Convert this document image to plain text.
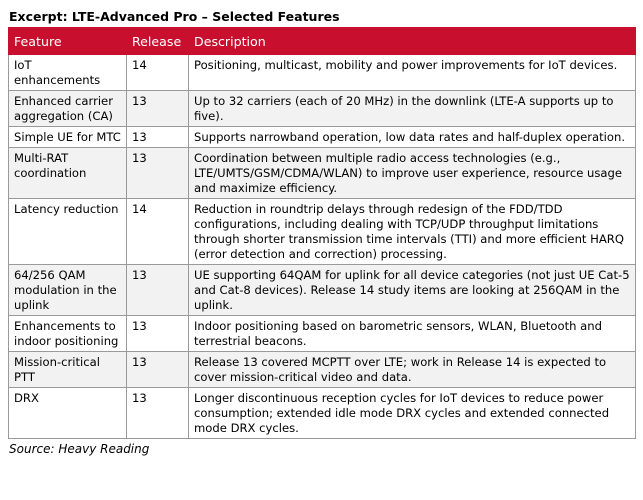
Excerpt: LTE-Advanced Pro – Selected Features
Feature	Release	Description
IoT enhancements	14	Positioning, multicast, mobility and power improvements for IoT devices.
Enhanced carrier aggregation (CA)	13	Up to 32 carriers (each of 20 MHz) in the downlink (LTE-A supports up to five).
Simple UE for MTC	13	Supports narrowband operation, low data rates and half-duplex operation.
Multi-RAT coordination	13	Coordination between multiple radio access technologies (e.g., LTE/UMTS/GSM/CDMA/WLAN) to improve user experience, resource usage and maximize efficiency.
Latency reduction	14	Reduction in roundtrip delays through redesign of the FDD/TDD configurations, including dealing with TCP/UDP throughput limitations through shorter transmission time intervals (TTI) and more efficient HARQ (error detection and correction) processing.
64/256 QAM modulation in the uplink	13	UE supporting 64QAM for uplink for all device categories (not just UE Cat-5 and Cat-8 devices). Release 14 study items are looking at 256QAM in the uplink.
Enhancements to indoor positioning	13	Indoor positioning based on barometric sensors, WLAN, Bluetooth and terrestrial beacons.
Mission-critical PTT	13	Release 13 covered MCPTT over LTE; work in Release 14 is expected to cover mission-critical video and data.
DRX	13	Longer discontinuous reception cycles for IoT devices to reduce power consumption; extended idle mode DRX cycles and extended connected mode DRX cycles.
Source: Heavy Reading
